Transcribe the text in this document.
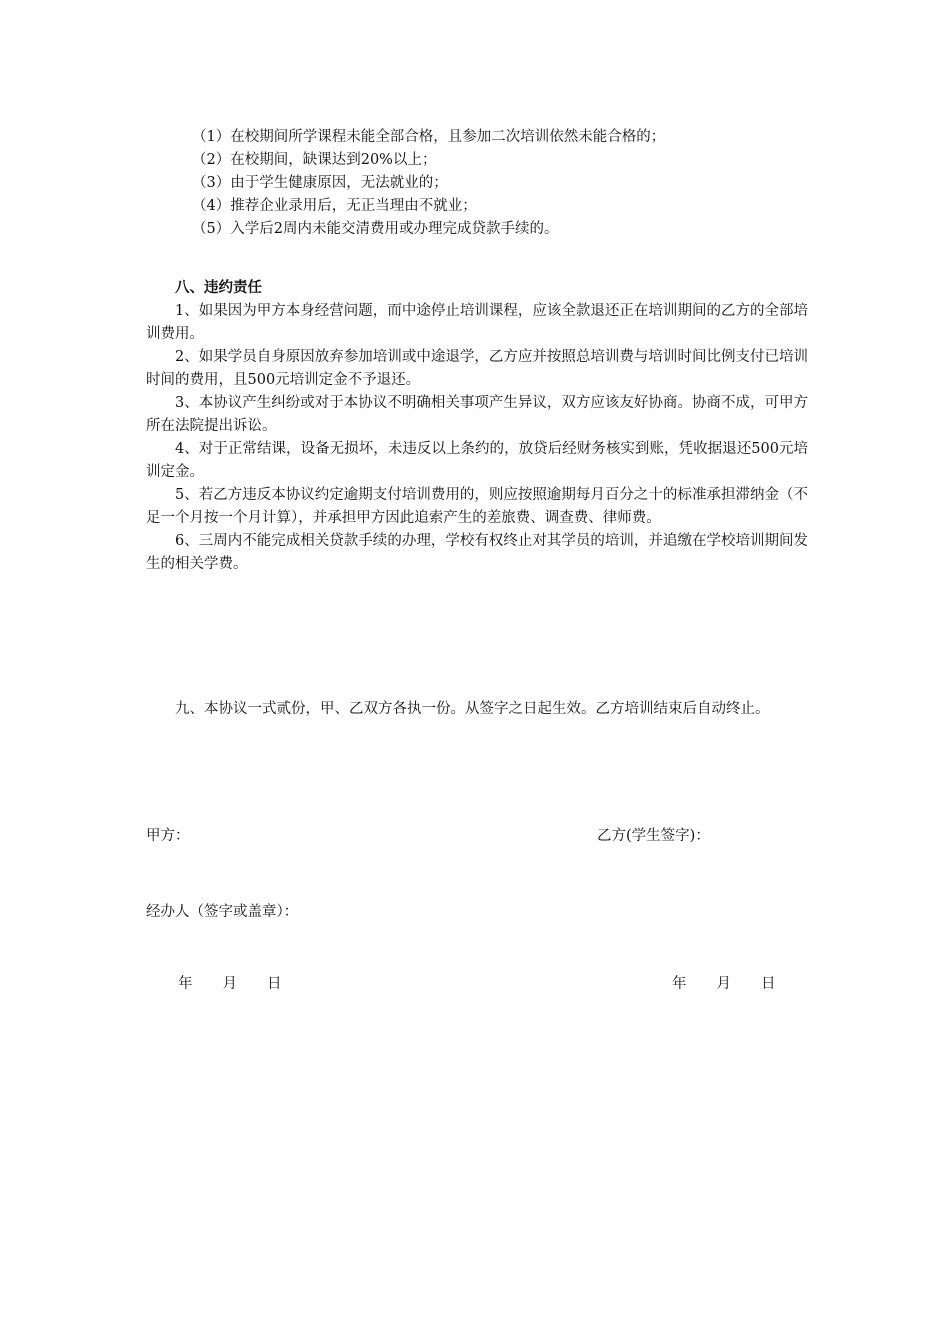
（1）在校期间所学课程未能全部合格，且参加二次培训依然未能合格的；
（2）在校期间，缺课达到20%以上；
（3）由于学生健康原因，无法就业的；
（4）推荐企业录用后，无正当理由不就业；
（5）入学后2周内未能交清费用或办理完成贷款手续的。
八、违约责任

1、如果因为甲方本身经营问题，而中途停止培训课程，应该全款退还正在培训期间的乙方的全部培训费用。

2、如果学员自身原因放弃参加培训或中途退学，乙方应并按照总培训费与培训时间比例支付已培训时间的费用，且500元培训定金不予退还。

3、本协议产生纠纷或对于本协议不明确相关事项产生异议，双方应该友好协商。协商不成，可甲方所在法院提出诉讼。

4、对于正常结课，设备无损坏，未违反以上条约的，放贷后经财务核实到账，凭收据退还500元培训定金。

5、若乙方违反本协议约定逾期支付培训费用的，则应按照逾期每月百分之十的标准承担滞纳金（不足一个月按一个月计算），并承担甲方因此追索产生的差旅费、调查费、律师费。

6、三周内不能完成相关贷款手续的办理，学校有权终止对其学员的培训，并追缴在学校培训期间发生的相关学费。

九、本协议一式贰份，甲、乙双方各执一份。从签字之日起生效。乙方培训结束后自动终止。

甲方：	乙方(学生签字)：
经办人（签字或盖章）：
年 月 日	年 月 日
